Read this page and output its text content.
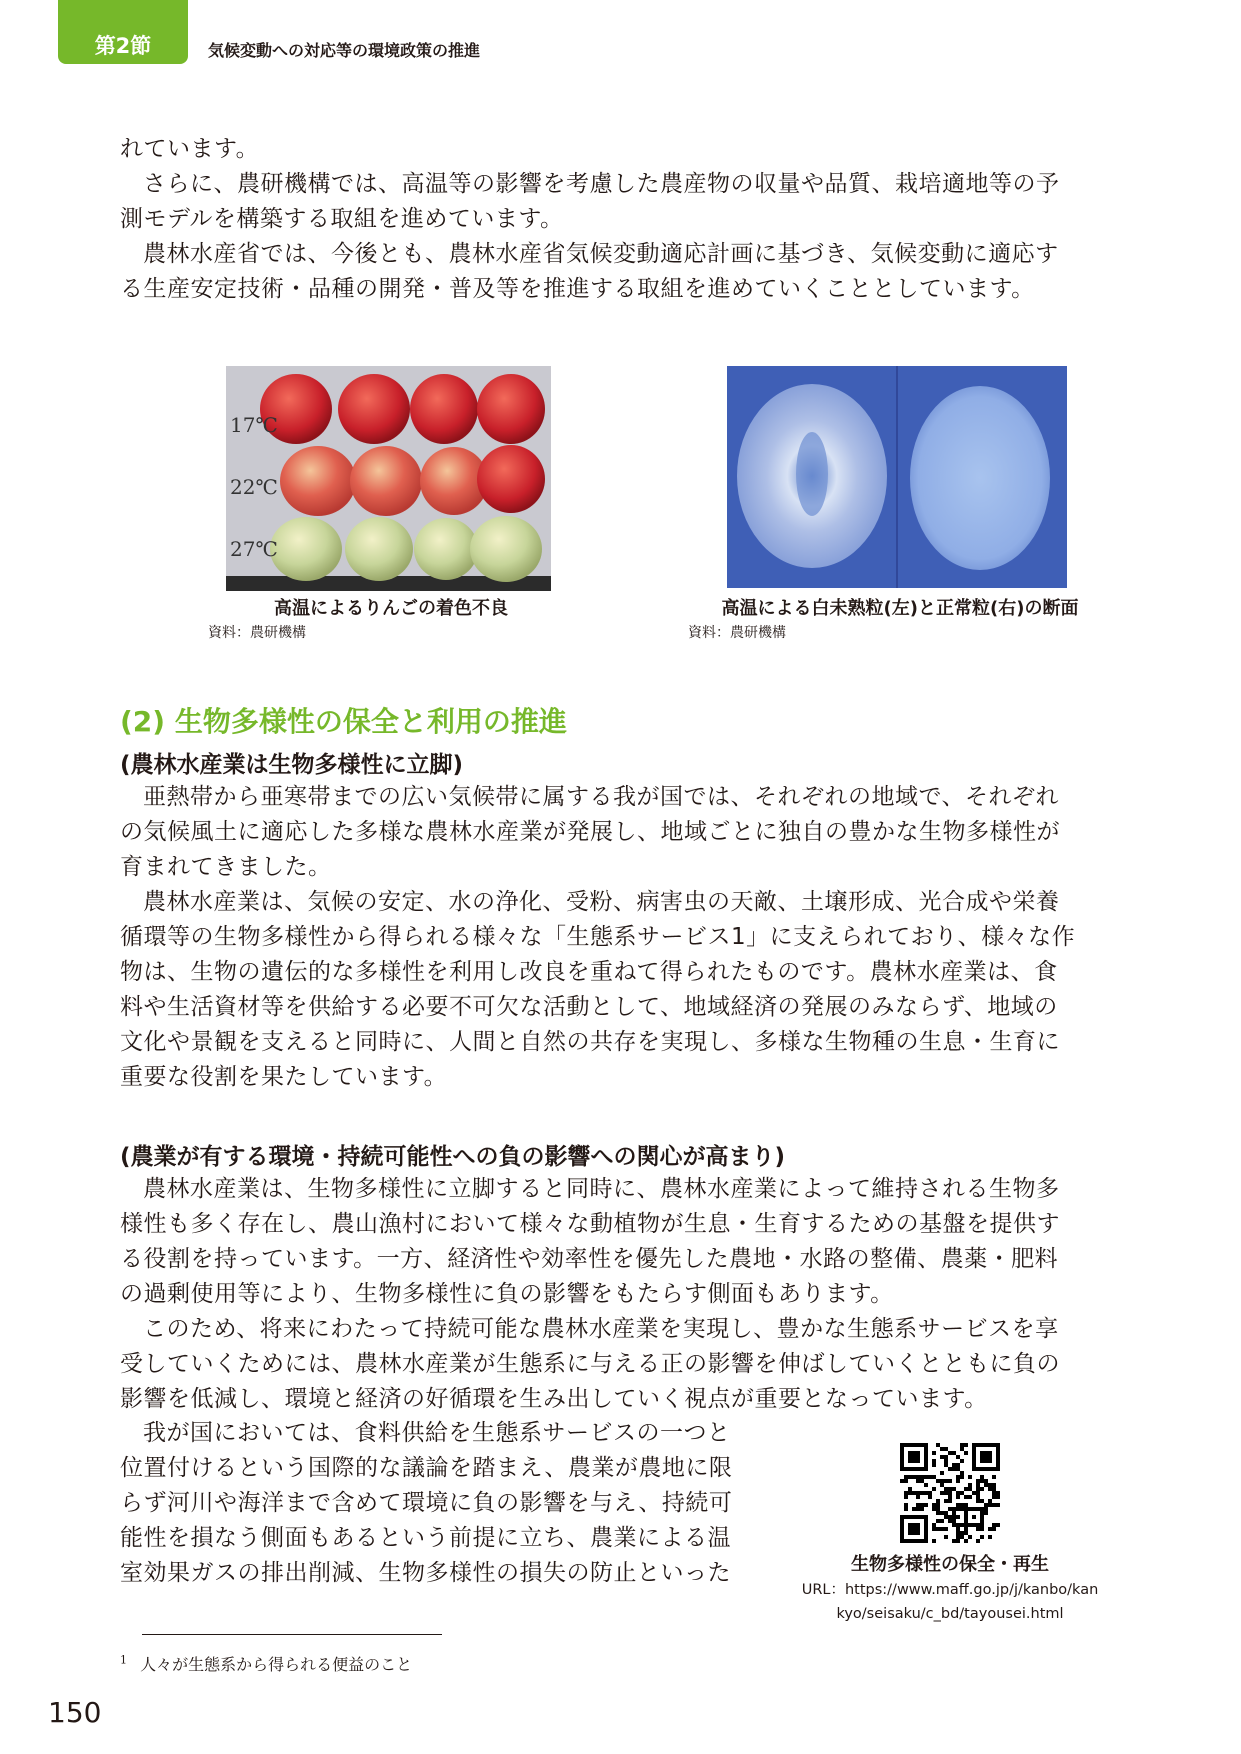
第2節	気候変動への対応等の環境政策の推進

れています。

さらに、農研機構では、高温等の影響を考慮した農産物の収量や品質、栽培適地等の予

測モデルを構築する取組を進めています。

農林水産省では、今後とも、農林水産省気候変動適応計画に基づき、気候変動に適応す

る生産安定技術・品種の開発・普及等を推進する取組を進めていくこととしています。

17℃
22℃
27℃
高温によるりんごの着色不良
資料：農研機構
高温による白未熟粒(左)と正常粒(右)の断面
資料：農研機構
(2) 生物多様性の保全と利用の推進
(農林水産業は生物多様性に立脚)

亜熱帯から亜寒帯までの広い気候帯に属する我が国では、それぞれの地域で、それぞれ

の気候風土に適応した多様な農林水産業が発展し、地域ごとに独自の豊かな生物多様性が

育まれてきました。

農林水産業は、気候の安定、水の浄化、受粉、病害虫の天敵、土壌形成、光合成や栄養

循環等の生物多様性から得られる様々な「生態系サービス1」に支えられており、様々な作

物は、生物の遺伝的な多様性を利用し改良を重ねて得られたものです。農林水産業は、食

料や生活資材等を供給する必要不可欠な活動として、地域経済の発展のみならず、地域の

文化や景観を支えると同時に、人間と自然の共存を実現し、多様な生物種の生息・生育に

重要な役割を果たしています。

(農業が有する環境・持続可能性への負の影響への関心が高まり)

農林水産業は、生物多様性に立脚すると同時に、農林水産業によって維持される生物多

様性も多く存在し、農山漁村において様々な動植物が生息・生育するための基盤を提供す

る役割を持っています。一方、経済性や効率性を優先した農地・水路の整備、農薬・肥料

の過剰使用等により、生物多様性に負の影響をもたらす側面もあります。

このため、将来にわたって持続可能な農林水産業を実現し、豊かな生態系サービスを享

受していくためには、農林水産業が生態系に与える正の影響を伸ばしていくとともに負の

影響を低減し、環境と経済の好循環を生み出していく視点が重要となっています。

我が国においては、食料供給を生態系サービスの一つと

位置付けるという国際的な議論を踏まえ、農業が農地に限

らず河川や海洋まで含めて環境に負の影響を与え、持続可

能性を損なう側面もあるという前提に立ち、農業による温

室効果ガスの排出削減、生物多様性の損失の防止といった	生物多様性の保全・再生
URL：https://www.maff.go.jp/j/kanbo/kan
kyo/seisaku/c_bd/tayousei.html
$^1$ 人々が生態系から得られる便益のこと
150
